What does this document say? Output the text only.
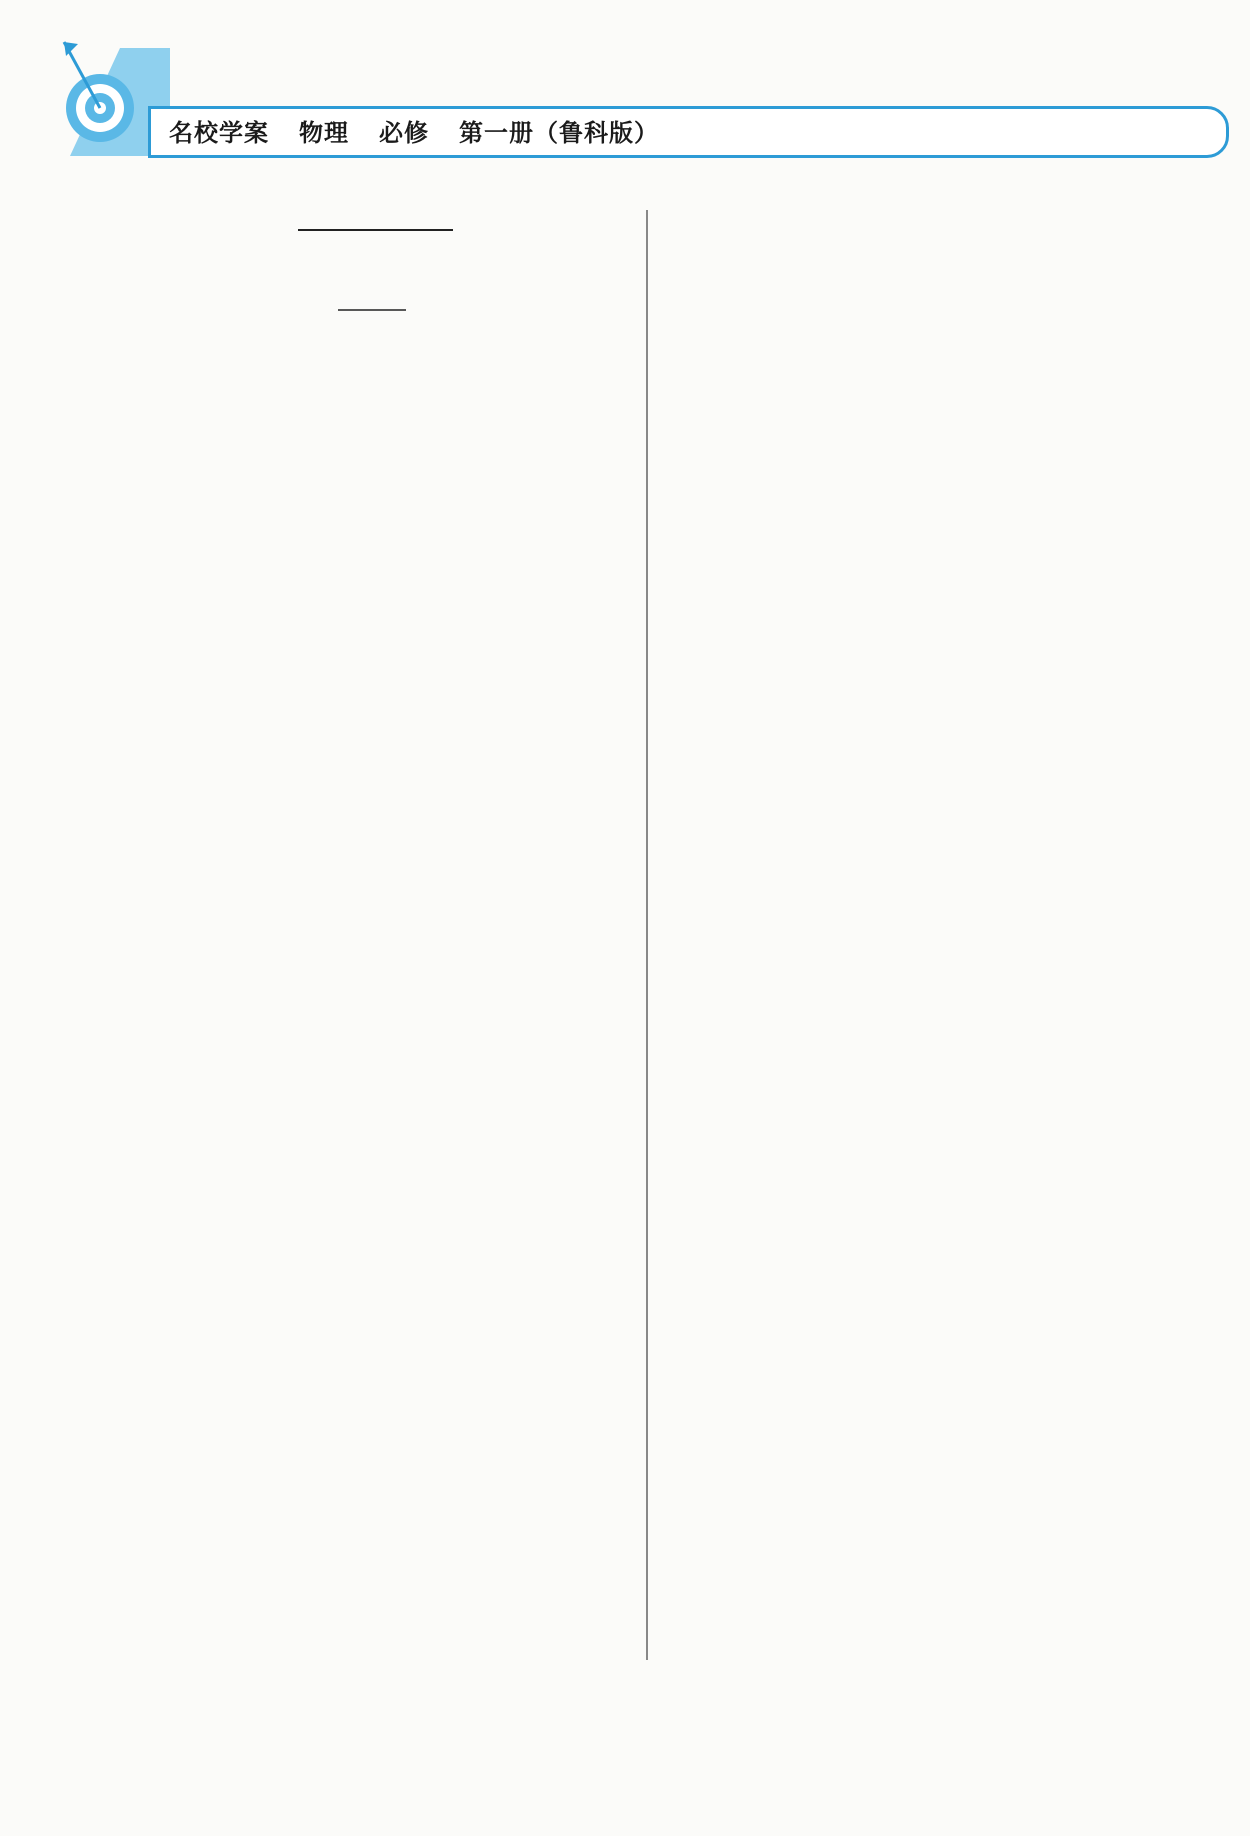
名校学案 物理 必修 第一册（鲁科版）
